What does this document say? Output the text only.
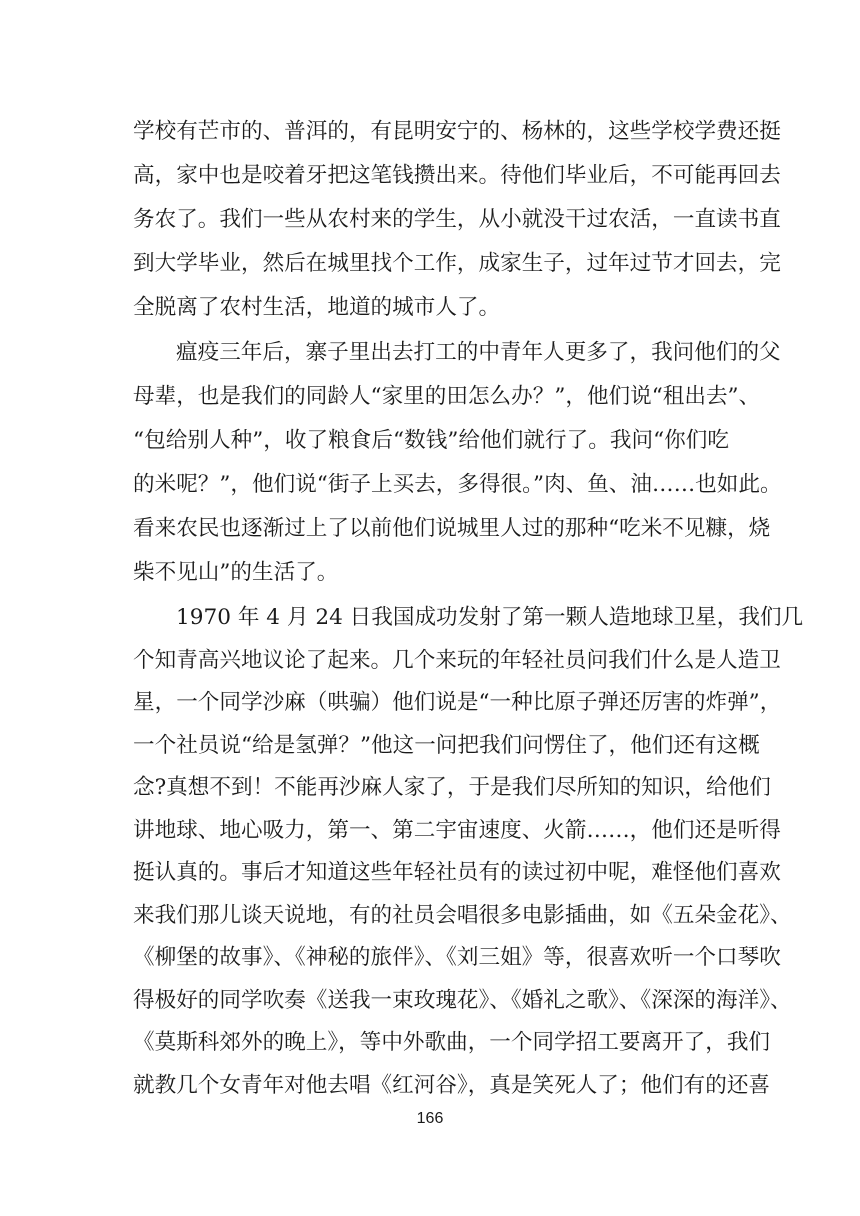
学校有芒市的、普洱的，有昆明安宁的、杨林的，这些学校学费还挺
高，家中也是咬着牙把这笔钱攒出来。待他们毕业后，不可能再回去
务农了。我们一些从农村来的学生，从小就没干过农活，一直读书直
到大学毕业，然后在城里找个工作，成家生子，过年过节才回去，完
全脱离了农村生活，地道的城市人了。
瘟疫三年后，寨子里出去打工的中青年人更多了，我问他们的父
母辈，也是我们的同龄人“家里的田怎么办？”，他们说“租出去”、
“包给别人种”，收了粮食后“数钱”给他们就行了。我问“你们吃
的米呢？”，他们说“街子上买去，多得很。”肉、鱼、油……也如此。
看来农民也逐渐过上了以前他们说城里人过的那种“吃米不见糠，烧
柴不见山”的生活了。
1970 年 4 月 24 日我国成功发射了第一颗人造地球卫星，我们几
个知青高兴地议论了起来。几个来玩的年轻社员问我们什么是人造卫
星，一个同学沙麻（哄骗）他们说是“一种比原子弹还厉害的炸弹”，
一个社员说“给是氢弹？”他这一问把我们问愣住了，他们还有这概
念?真想不到！不能再沙麻人家了，于是我们尽所知的知识，给他们
讲地球、地心吸力，第一、第二宇宙速度、火箭……，他们还是听得
挺认真的。事后才知道这些年轻社员有的读过初中呢，难怪他们喜欢
来我们那儿谈天说地，有的社员会唱很多电影插曲，如《五朵金花》、
《柳堡的故事》、《神秘的旅伴》、《刘三姐》等，很喜欢听一个口琴吹
得极好的同学吹奏《送我一束玫瑰花》、《婚礼之歌》、《深深的海洋》、
《莫斯科郊外的晚上》，等中外歌曲，一个同学招工要离开了，我们
就教几个女青年对他去唱《红河谷》，真是笑死人了；他们有的还喜
166
